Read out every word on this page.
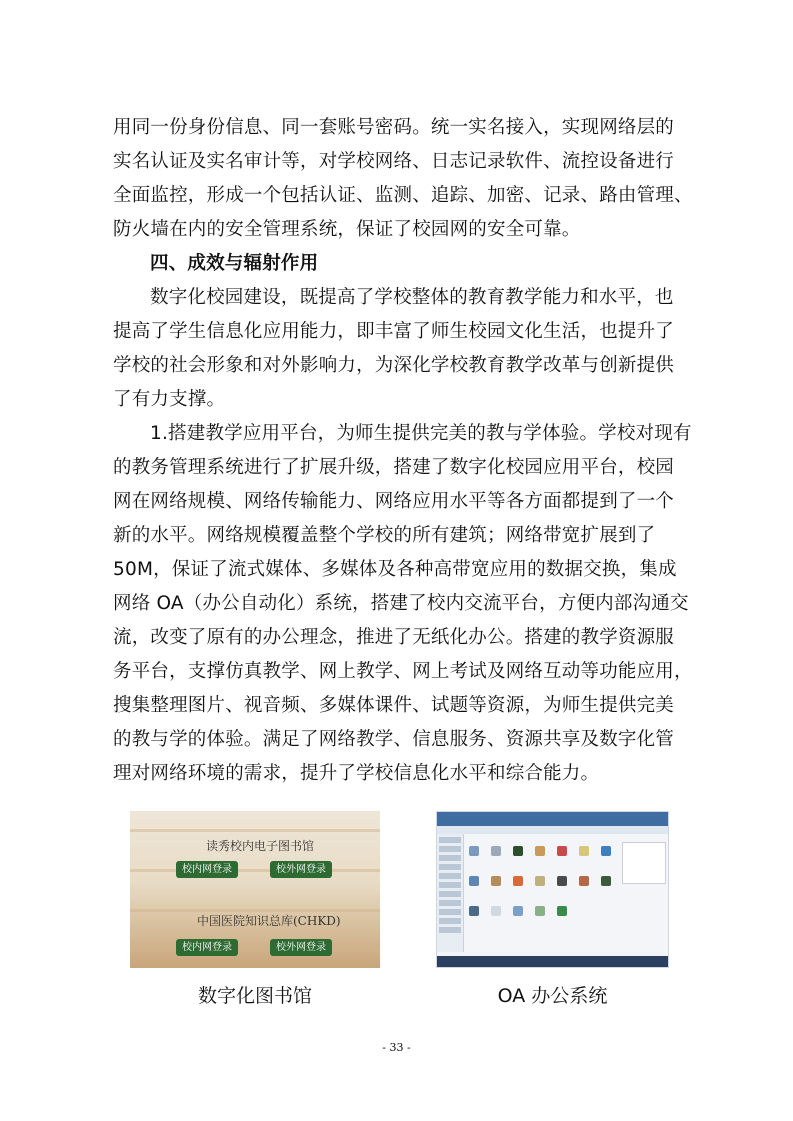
用同一份身份信息、同一套账号密码。统一实名接入，实现网络层的
实名认证及实名审计等，对学校网络、日志记录软件、流控设备进行
全面监控，形成一个包括认证、监测、追踪、加密、记录、路由管理、
防火墙在内的安全管理系统，保证了校园网的安全可靠。
四、成效与辐射作用
数字化校园建设，既提高了学校整体的教育教学能力和水平，也
提高了学生信息化应用能力，即丰富了师生校园文化生活，也提升了
学校的社会形象和对外影响力，为深化学校教育教学改革与创新提供
了有力支撑。
1.搭建教学应用平台，为师生提供完美的教与学体验。学校对现有
的教务管理系统进行了扩展升级，搭建了数字化校园应用平台，校园
网在网络规模、网络传输能力、网络应用水平等各方面都提到了一个
新的水平。网络规模覆盖整个学校的所有建筑；网络带宽扩展到了
50M，保证了流式媒体、多媒体及各种高带宽应用的数据交换，集成
网络 OA（办公自动化）系统，搭建了校内交流平台，方便内部沟通交
流，改变了原有的办公理念，推进了无纸化办公。搭建的教学资源服
务平台，支撑仿真教学、网上教学、网上考试及网络互动等功能应用，
搜集整理图片、视音频、多媒体课件、试题等资源，为师生提供完美
的教与学的体验。满足了网络教学、信息服务、资源共享及数字化管
理对网络环境的需求，提升了学校信息化水平和综合能力。
读秀校内电子图书馆
校内网登录	校外网登录
中国医院知识总库(CHKD)
校内网登录	校外网登录
数字化图书馆	OA 办公系统
- 33 -
